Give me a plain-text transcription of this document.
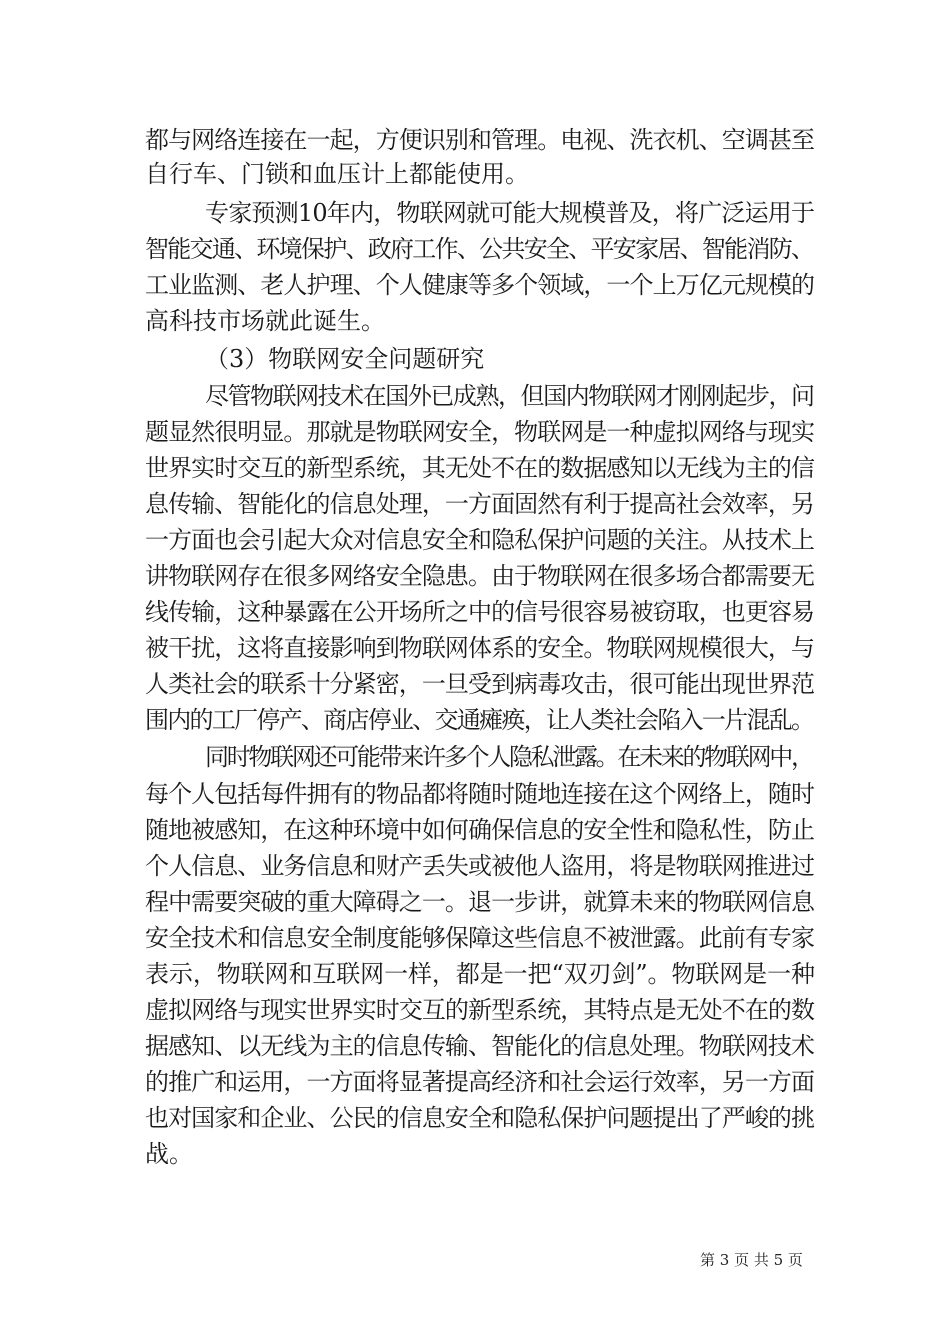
都与网络连接在一起，方便识别和管理。电视、洗衣机、空调甚至
自行车、门锁和血压计上都能使用。
专家预测10年内，物联网就可能大规模普及，将广泛运用于
智能交通、环境保护、政府工作、公共安全、平安家居、智能消防、
工业监测、老人护理、个人健康等多个领域，一个上万亿元规模的
高科技市场就此诞生。
（3）物联网安全问题研究
尽管物联网技术在国外已成熟，但国内物联网才刚刚起步，问
题显然很明显。那就是物联网安全，物联网是一种虚拟网络与现实
世界实时交互的新型系统，其无处不在的数据感知以无线为主的信
息传输、智能化的信息处理，一方面固然有利于提高社会效率，另
一方面也会引起大众对信息安全和隐私保护问题的关注。从技术上
讲物联网存在很多网络安全隐患。由于物联网在很多场合都需要无
线传输，这种暴露在公开场所之中的信号很容易被窃取，也更容易
被干扰，这将直接影响到物联网体系的安全。物联网规模很大，与
人类社会的联系十分紧密，一旦受到病毒攻击，很可能出现世界范
围内的工厂停产、商店停业、交通瘫痪，让人类社会陷入一片混乱。
同时物联网还可能带来许多个人隐私泄露。在未来的物联网中，
每个人包括每件拥有的物品都将随时随地连接在这个网络上，随时
随地被感知，在这种环境中如何确保信息的安全性和隐私性，防止
个人信息、业务信息和财产丢失或被他人盗用，将是物联网推进过
程中需要突破的重大障碍之一。退一步讲，就算未来的物联网信息
安全技术和信息安全制度能够保障这些信息不被泄露。此前有专家
表示，物联网和互联网一样，都是一把“双刃剑”。物联网是一种
虚拟网络与现实世界实时交互的新型系统，其特点是无处不在的数
据感知、以无线为主的信息传输、智能化的信息处理。物联网技术
的推广和运用，一方面将显著提高经济和社会运行效率，另一方面
也对国家和企业、公民的信息安全和隐私保护问题提出了严峻的挑
战。
第 3 页 共 5 页
